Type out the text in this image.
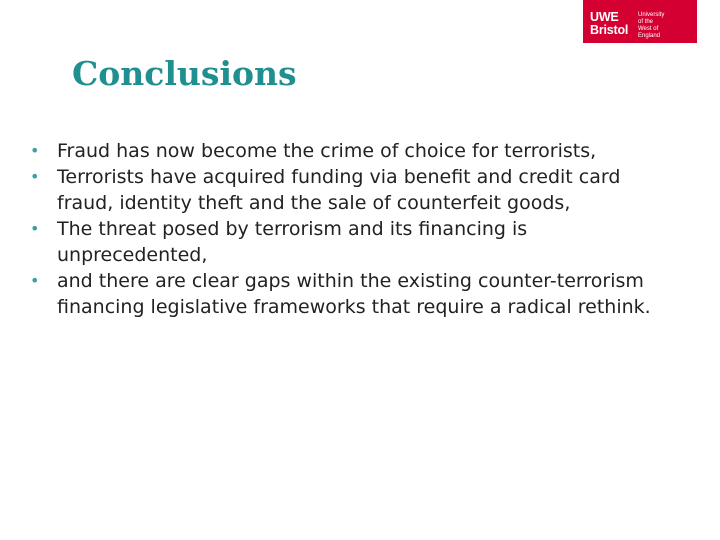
UWE
Bristol
University
of the
West of
England
Conclusions
• Fraud has now become the crime of choice for terrorists,
• Terrorists have acquired funding via benefit and credit card fraud, identity theft and the sale of counterfeit goods,
• The threat posed by terrorism and its financing is unprecedented,
• and there are clear gaps within the existing counter-terrorism financing legislative frameworks that require a radical rethink.
